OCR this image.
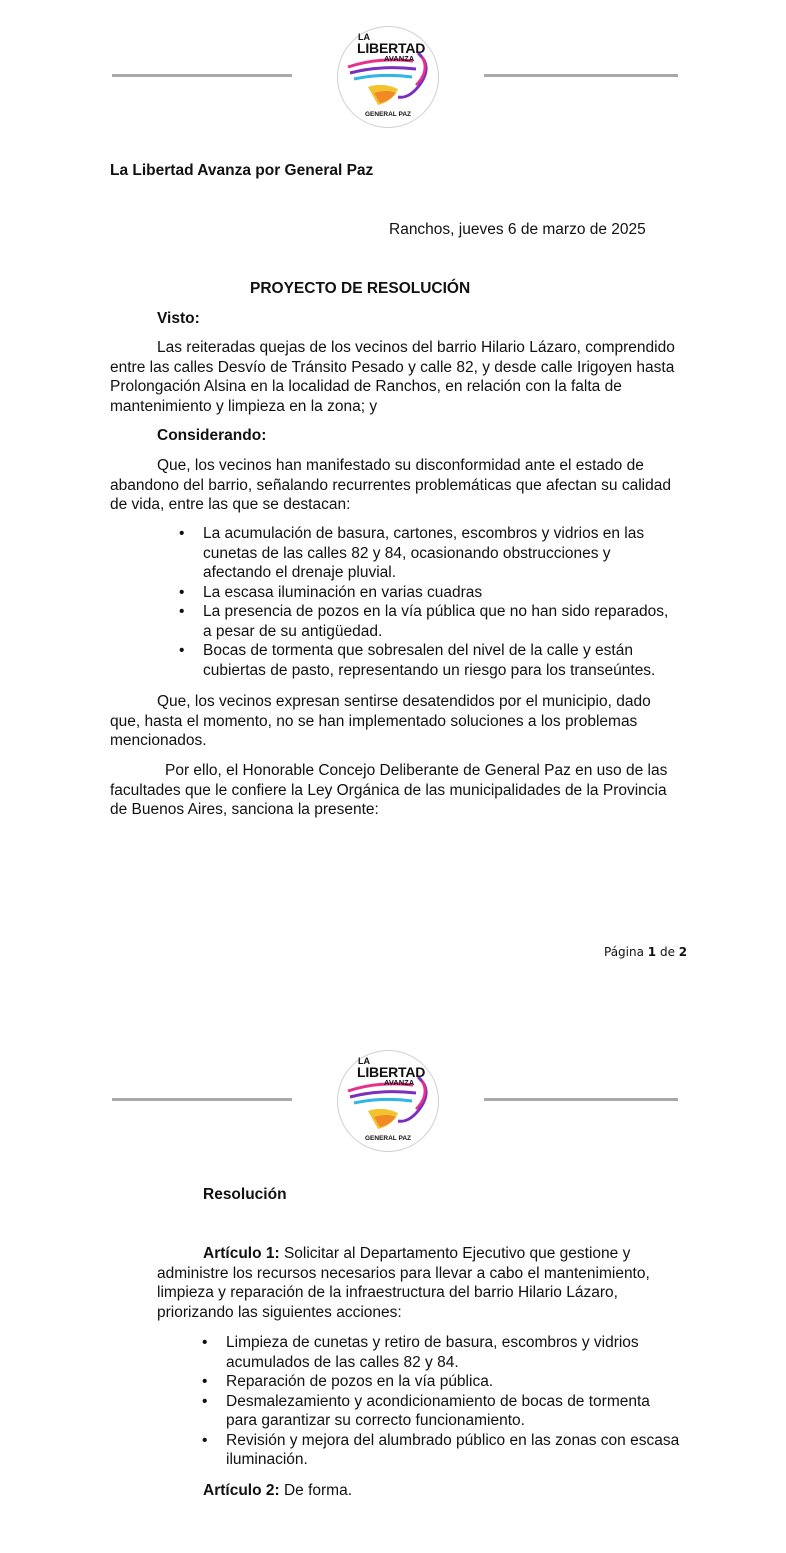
LA
LIBERTAD
AVANZA
GENERAL PAZ
La Libertad Avanza por General Paz
Ranchos, jueves 6 de marzo de 2025
PROYECTO DE RESOLUCIÓN
Visto:
Las reiteradas quejas de los vecinos del barrio Hilario Lázaro, comprendido
entre las calles Desvío de Tránsito Pesado y calle 82, y desde calle Irigoyen hasta
Prolongación Alsina en la localidad de Ranchos, en relación con la falta de
mantenimiento y limpieza en la zona; y
Considerando:
Que, los vecinos han manifestado su disconformidad ante el estado de
abandono del barrio, señalando recurrentes problemáticas que afectan su calidad
de vida, entre las que se destacan:
• La acumulación de basura, cartones, escombros y vidrios en las
cunetas de las calles 82 y 84, ocasionando obstrucciones y
afectando el drenaje pluvial.
• La escasa iluminación en varias cuadras
• La presencia de pozos en la vía pública que no han sido reparados,
a pesar de su antigüedad.
• Bocas de tormenta que sobresalen del nivel de la calle y están
cubiertas de pasto, representando un riesgo para los transeúntes.
Que, los vecinos expresan sentirse desatendidos por el municipio, dado
que, hasta el momento, no se han implementado soluciones a los problemas
mencionados.
Por ello, el Honorable Concejo Deliberante de General Paz en uso de las
facultades que le confiere la Ley Orgánica de las municipalidades de la Provincia
de Buenos Aires, sanciona la presente:
Página 1 de 2
LA
LIBERTAD
AVANZA
GENERAL PAZ
Resolución
Artículo 1: Solicitar al Departamento Ejecutivo que gestione y
administre los recursos necesarios para llevar a cabo el mantenimiento,
limpieza y reparación de la infraestructura del barrio Hilario Lázaro,
priorizando las siguientes acciones:
• Limpieza de cunetas y retiro de basura, escombros y vidrios
acumulados de las calles 82 y 84.
• Reparación de pozos en la vía pública.
• Desmalezamiento y acondicionamiento de bocas de tormenta
para garantizar su correcto funcionamiento.
• Revisión y mejora del alumbrado público en las zonas con escasa
iluminación.
Artículo 2: De forma.
